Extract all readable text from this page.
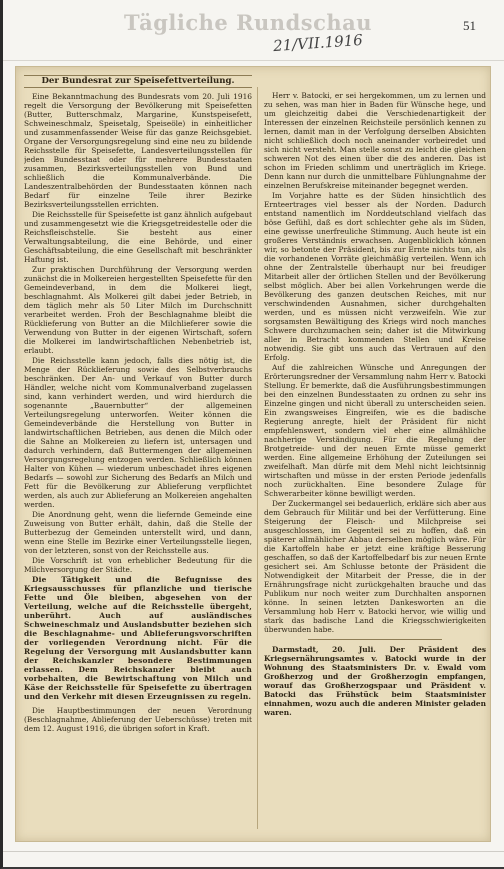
Tägliche Rundschau	51
21/VII.1916
Der Bundesrat zur Speisefettverteilung.

Eine Bekanntmachung des Bundesrats vom 20. Juli 1916 regelt die Versorgung der Bevölkerung mit Speisefetten (Butter, Butterschmalz, Margarine, Kunstspeisefett, Schweineschmalz, Speisetalg, Speiseöle) in einheitlicher und zusammenfassender Weise für das ganze Reichsgebiet. Organe der Versorgungsregelung sind eine neu zu bildende Reichsstelle für Speisefette, Landesverteilungsstellen für jeden Bundesstaat oder für mehrere Bundesstaaten zusammen, Bezirksverteilungsstellen von Bund und schließlich die Kommunalverbände. Die Landeszentralbehörden der Bundesstaaten können nach Bedarf für einzelne Teile ihrer Bezirke Bezirksverteilungsstellen errichten.

Die Reichsstelle für Speisefette ist ganz ähnlich aufgebaut und zusammengesetzt wie die Kriegsgetreidestelle oder die Reichsfleischstelle. Sie besteht aus einer Verwaltungsabteilung, die eine Behörde, und einer Geschäftsabteilung, die eine Gesellschaft mit beschränkter Haftung ist.

Zur praktischen Durchführung der Versorgung werden zunächst die in Molkereien hergestellten Speisefette für den Gemeindeverband, in dem die Molkerei liegt, beschlagnahmt. Als Molkerei gilt dabei jeder Betrieb, in dem täglich mehr als 50 Liter Milch im Durchschnitt verarbeitet werden. Froh der Beschlagnahme bleibt die Rücklieferung von Butter an die Milchlieferer sowie die Verwendung von Butter in der eigenen Wirtschaft, sofern die Molkerei im landwirtschaftlichen Nebenbetrieb ist, erlaubt.

Die Reichsstelle kann jedoch, falls dies nötig ist, die Menge der Rücklieferung sowie des Selbstverbrauchs beschränken. Der An- und Verkauf von Butter durch Händler, welche nicht vom Kommunalverband zugelassen sind, kann verhindert werden, und wird hierdurch die sogenannte „Bauernbutter“ der allgemeinen Verteilungsregelung unterworfen. Weiter können die Gemeindeverbände die Herstellung von Butter in landwirtschaftlichen Betrieben, aus denen die Milch oder die Sahne an Molkereien zu liefern ist, untersagen und dadurch verhindern, daß Buttermengen der allgemeinen Versorgungsregelung entzogen werden. Schließlich können Halter von Kühen — wiederum unbeschadet ihres eigenen Bedarfs — sowohl zur Sicherung des Bedarfs an Milch und Fett für die Bevölkerung zur Ablieferung verpflichtet werden, als auch zur Ablieferung an Molkereien angehalten werden.

Die Anordnung geht, wenn die liefernde Gemeinde eine Zuweisung von Butter erhält, dahin, daß die Stelle der Butterbezug der Gemeinden unterstellt wird, und dann, wenn eine Stelle im Bezirke einer Verteilungsstelle liegen, von der letzteren, sonst von der Reichsstelle aus.

Die Vorschrift ist von erheblicher Bedeutung für die Milchversorgung der Städte.

Die Tätigkeit und die Befugnisse des Kriegsausschusses für pflanzliche und tierische Fette und Öle bleiben, abgesehen von der Verteilung, welche auf die Reichsstelle übergeht, unberührt. Auch auf ausländisches Schweineschmalz und Auslandsbutter beziehen sich die Beschlagnahme- und Ablieferungsvorschriften der vorliegenden Verordnung nicht. Für die Regelung der Versorgung mit Auslandsbutter kann der Reichskanzler besondere Bestimmungen erlassen. Dem Reichskanzler bleibt auch vorbehalten, die Bewirtschaftung von Milch und Käse der Reichsstelle für Speisefette zu übertragen und den Verkehr mit diesen Erzeugnissen zu regeln.

Die Hauptbestimmungen der neuen Verordnung (Beschlagnahme, Ablieferung der Ueberschüsse) treten mit dem 12. August 1916, die übrigen sofort in Kraft.

Herr v. Batocki, er sei hergekommen, um zu lernen und zu sehen, was man hier in Baden für Wünsche hege, und um gleichzeitig dabei die Verschiedenartigkeit der Interessen der einzelnen Reichsteile persönlich kennen zu lernen, damit man in der Verfolgung derselben Absichten nicht schließlich doch noch aneinander vorbeiredet und sich nicht versteht. Man stelle sonst zu leicht die gleichen schweren Not des einen über die des anderen. Das ist schon im Frieden schlimm und unerträglich im Kriege. Denn kann nur durch die unmittelbare Fühlungnahme der einzelnen Berufskreise miteinander begegnet werden.

Im Vorjahre hatte es der Süden hinsichtlich des Ernteertrages viel besser als der Norden. Dadurch entstand namentlich im Norddeutschland vielfach das böse Gefühl, daß es dort schlechter gehe als im Süden, eine gewisse unerfreuliche Stimmung. Auch heute ist ein großeres Verständnis erwachsen. Augenblicklich können wir, so betonte der Präsident, bis zur Ernte nichts tun, als die vorhandenen Vorräte gleichmäßig verteilen. Wenn ich ohne der Zentralstelle überhaupt nur bei freudiger Mitarbeit aller der örtlichen Stellen und der Bevölkerung selbst möglich. Aber bei allen Vorkehrungen werde die Bevölkerung des ganzen deutschen Reiches, mit nur verschwindenden Ausnahmen, sicher durchgehalten werden, und es müssen nicht verzweifeln. Wie zur sorgsamsten Bewältigung des Kriegs wird noch manches Schwere durchzumachen sein; daher ist die Mitwirkung aller in Betracht kommenden Stellen und Kreise notwendig. Sie gibt uns auch das Vertrauen auf den Erfolg.

Auf die zahlreichen Wünsche und Anregungen der Erörterungsredner der Versammlung nahm Herr v. Batocki Stellung. Er bemerkte, daß die Ausführungsbestimmungen bei den einzelnen Bundesstaaten zu ordnen zu sehr ins Einzelne gingen und nicht überall zu unterscheiden seien. Ein zwangsweises Eingreifen, wie es die badische Regierung anregte, hielt der Präsident für nicht empfehlenswert, sondern viel eher eine allmähliche nachherige Verständigung. Für die Regelung der Brotgetreide- und der neuen Ernte müsse gemerkt werden. Eine allgemeine Erhöhung der Zuteilungen sei zweifelhaft. Man dürfe mit dem Mehl nicht leichtsinnig wirtschaften und müsse in der ersten Periode jedenfalls noch zurückhalten. Eine besondere Zulage für Schwerarbeiter könne bewilligt werden.

Der Zuckermangel sei bedauerlich, erkläre sich aber aus dem Gebrauch für Militär und bei der Verfütterung. Eine Steigerung der Fleisch- und Milchpreise sei ausgeschlossen, im Gegenteil sei zu hoffen, daß ein späterer allmählicher Abbau derselben möglich wäre. Für die Kartoffeln habe er jetzt eine kräftige Besserung geschaffen, so daß der Kartoffelbedarf bis zur neuen Ernte gesichert sei. Am Schlusse betonte der Präsident die Notwendigkeit der Mitarbeit der Presse, die in der Ernährungsfrage nicht zurückgehalten brauche und das Publikum nur noch weiter zum Durchhalten anspornen könne. In seinen letzten Dankesworten an die Versammlung hob Herr v. Batocki hervor, wie willig und stark das badische Land die Kriegsschwierigkeiten überwunden habe.

Darmstadt, 20. Juli. Der Präsident des Kriegsernährungsamtes v. Batocki wurde in der Wohnung des Staatsministers Dr. v. Ewald vom Großherzog und der Großherzogin empfangen, worauf das Großherzogspaar und Präsident v. Batocki das Frühstück beim Staatsminister einnahmen, wozu auch die anderen Minister geladen waren.
